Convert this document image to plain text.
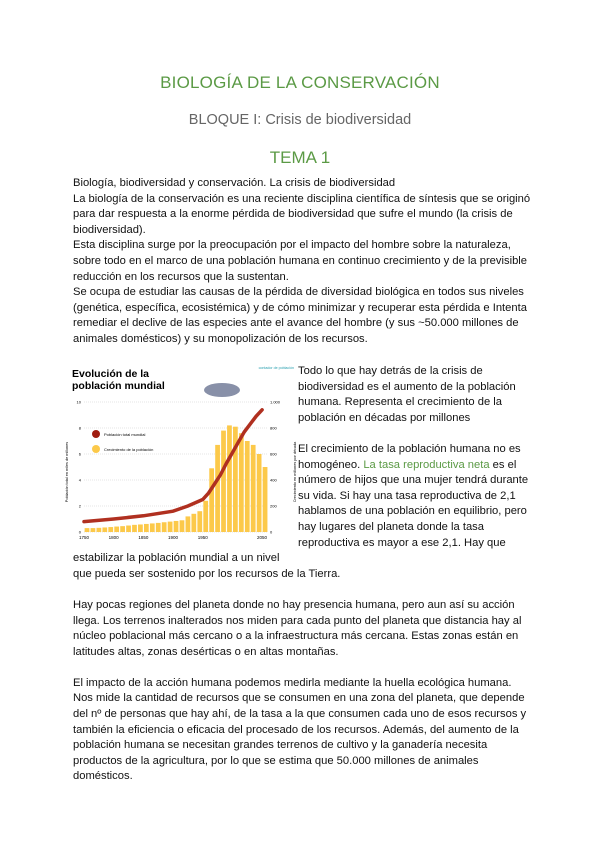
BIOLOGÍA DE LA CONSERVACIÓN
BLOQUE I: Crisis de biodiversidad
TEMA 1
Biología, biodiversidad y conservación. La crisis de biodiversidad
La biología de la conservación es una reciente disciplina científica de síntesis que se originó para dar respuesta a la enorme pérdida de biodiversidad que sufre el mundo (la crisis de biodiversidad).
Esta disciplina surge por la preocupación por el impacto del hombre sobre la naturaleza, sobre todo en el marco de una población humana en continuo crecimiento y de la previsible reducción en los recursos que la sustentan.
Se ocupa de estudiar las causas de la pérdida de diversidad biológica en todos sus niveles (genética, específica, ecosistémica) y de cómo minimizar y recuperar esta pérdida e Intenta remediar el declive de las especies ante el avance del hombre (y sus ~50.000 millones de animales domésticos) y su monopolización de los recursos.
Evolución de la
población mundial
contador de población
Población total mundial
Crecimiento de la población
Población total en miles de millones	Crecimiento en millones por década
0	0
2	200
4	400
6	600
8	800
10	1.000
1750	1800	1850	1900	1950	2050

Todo lo que hay detrás de la crisis de biodiversidad es el aumento de la población humana. Representa el crecimiento de la población en décadas por millones

El crecimiento de la población humana no es homogéneo. La tasa reproductiva neta es el número de hijos que una mujer tendrá durante su vida. Si hay una tasa reproductiva de 2,1 hablamos de una población en equilibrio, pero hay lugares del planeta donde la tasa reproductiva es mayor a ese 2,1. Hay que estabilizar la población mundial a un nivel

que pueda ser sostenido por los recursos de la Tierra.
Hay pocas regiones del planeta donde no hay presencia humana, pero aun así su acción llega. Los terrenos inalterados nos miden para cada punto del planeta que distancia hay al núcleo poblacional más cercano o a la infraestructura más cercana. Estas zonas están en latitudes altas, zonas desérticas o en altas montañas.
El impacto de la acción humana podemos medirla mediante la huella ecológica humana. Nos mide la cantidad de recursos que se consumen en una zona del planeta, que depende del nº de personas que hay ahí, de la tasa a la que consumen cada uno de esos recursos y también la eficiencia o eficacia del procesado de los recursos. Además, del aumento de la población humana se necesitan grandes terrenos de cultivo y la ganadería necesita productos de la agricultura, por lo que se estima que 50.000 millones de animales domésticos.
